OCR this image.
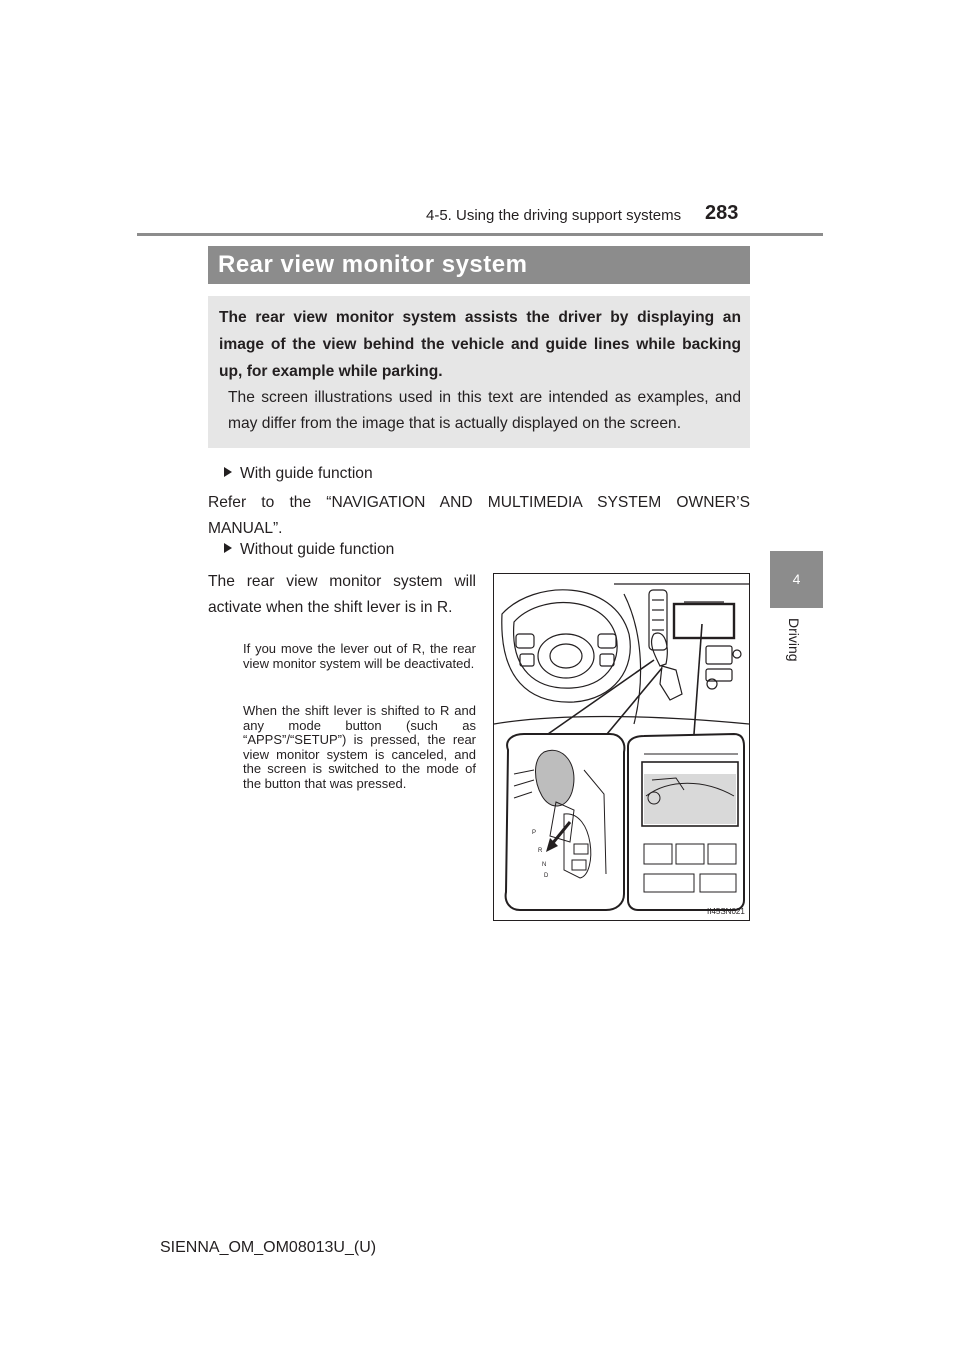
4-5. Using the driving support systems 283
4
Driving
Rear view monitor system
The rear view monitor system assists the driver by displaying an image of the view behind the vehicle and guide lines while backing up, for example while parking.
The screen illustrations used in this text are intended as examples, and may differ from the image that is actually displayed on the screen.
With guide function
Refer to the “NAVIGATION AND MULTIMEDIA SYSTEM OWNER’S MANUAL”.
Without guide function
The rear view monitor system will activate when the shift lever is in R.
If you move the lever out of R, the rear view monitor system will be deactivated.
When the shift lever is shifted to R and any mode button (such as “APPS”/“SETUP”) is pressed, the rear view monitor system is canceled, and the screen is switched to the mode of the button that was pressed.
P
R
N
D
II45SN021
SIENNA_OM_OM08013U_(U)
